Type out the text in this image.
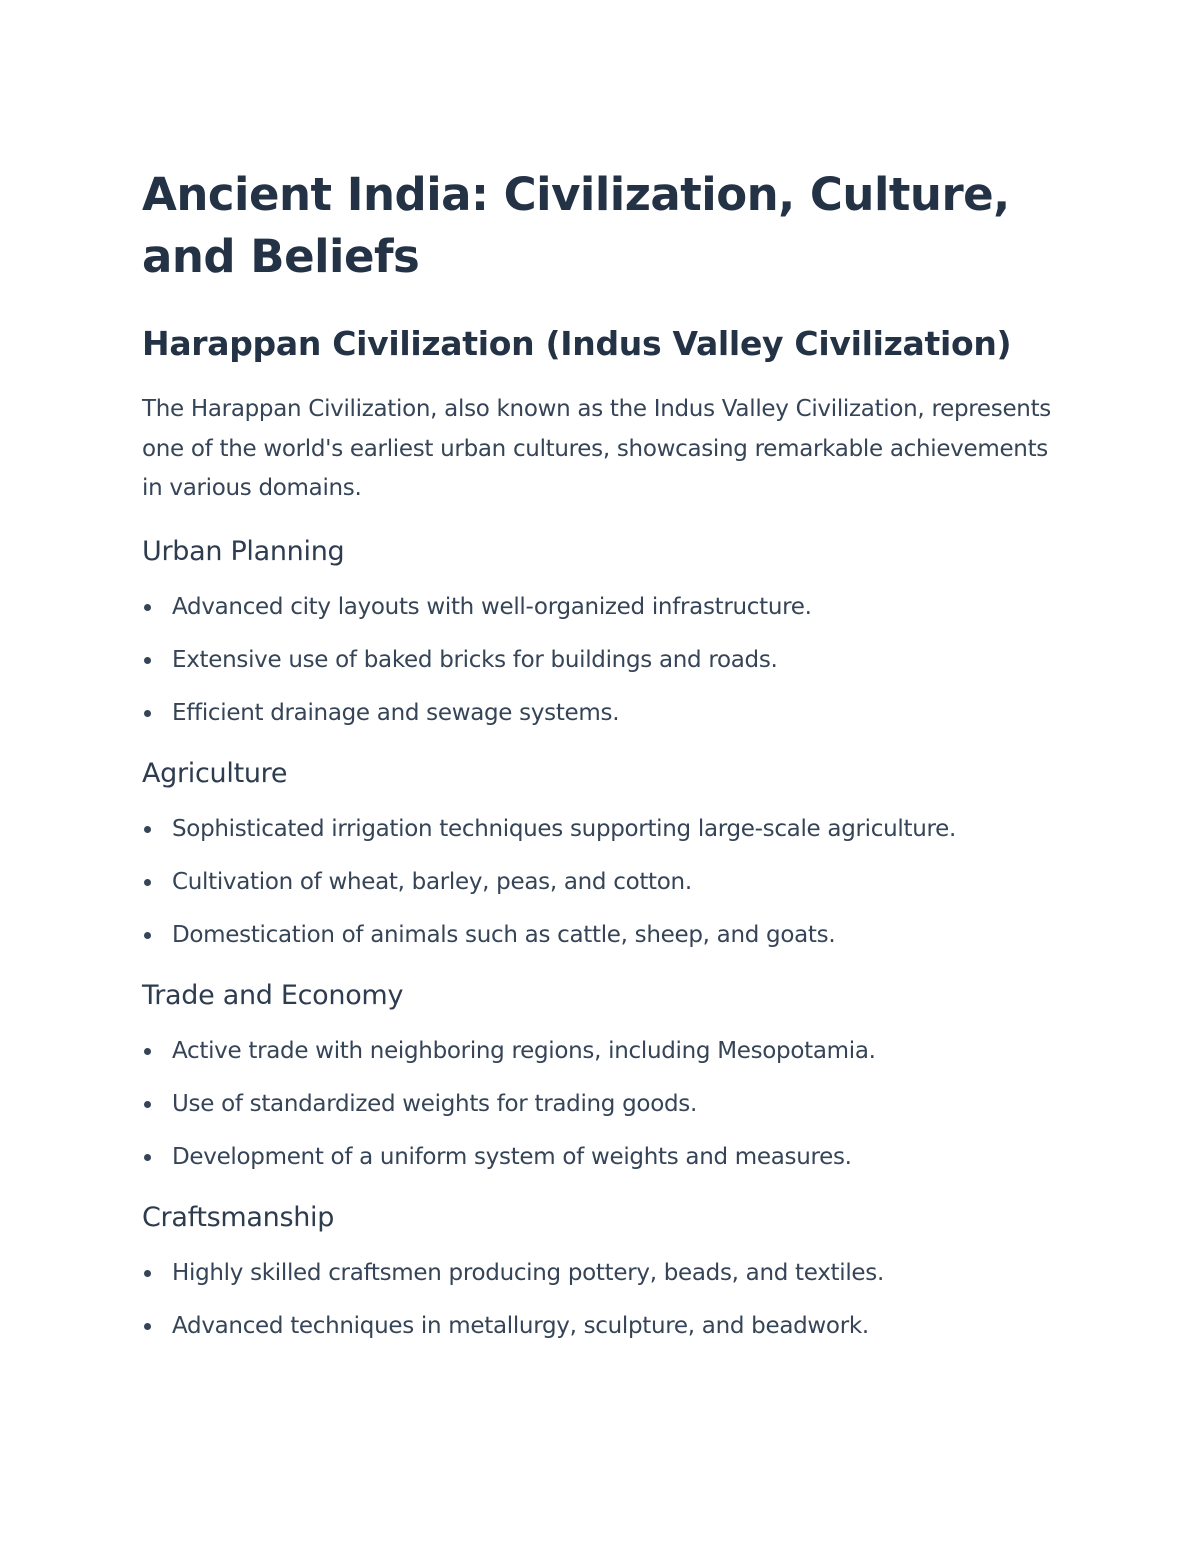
Ancient India: Civilization, Culture, and Beliefs
Harappan Civilization (Indus Valley Civilization)

The Harappan Civilization, also known as the Indus Valley Civilization, represents one of the world's earliest urban cultures, showcasing remarkable achievements in various domains.

Urban Planning
Advanced city layouts with well-organized infrastructure.
Extensive use of baked bricks for buildings and roads.
Efficient drainage and sewage systems.
Agriculture
Sophisticated irrigation techniques supporting large-scale agriculture.
Cultivation of wheat, barley, peas, and cotton.
Domestication of animals such as cattle, sheep, and goats.
Trade and Economy
Active trade with neighboring regions, including Mesopotamia.
Use of standardized weights for trading goods.
Development of a uniform system of weights and measures.
Craftsmanship
Highly skilled craftsmen producing pottery, beads, and textiles.
Advanced techniques in metallurgy, sculpture, and beadwork.
